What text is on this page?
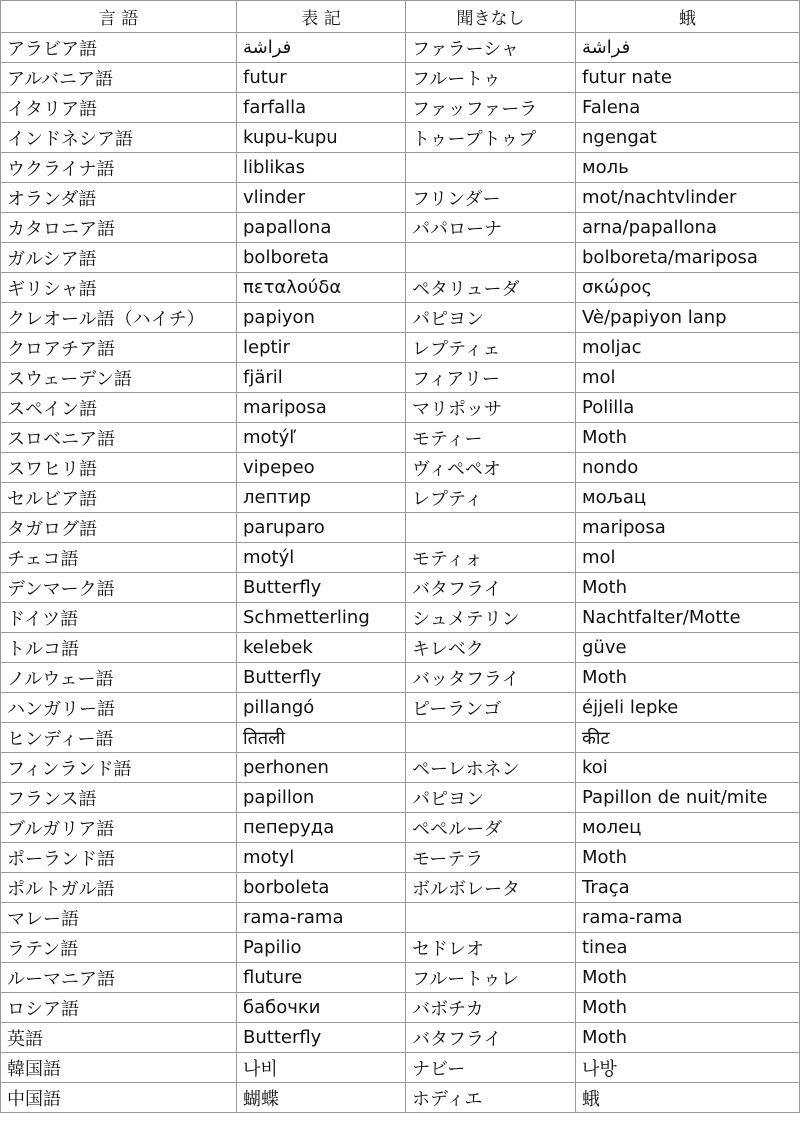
言 語	表 記	聞きなし	蛾
アラビア語	فراشة	ファラーシャ	فراشة
アルバニア語	futur	フルートゥ	futur nate
イタリア語	farfalla	ファッファーラ	Falena
インドネシア語	kupu-kupu	トゥープトゥプ	ngengat
ウクライナ語	liblikas		моль
オランダ語	vlinder	フリンダー	mot/nachtvlinder
カタロニア語	papallona	パパローナ	arna/papallona
ガルシア語	bolboreta		bolboreta/mariposa
ギリシャ語	πεταλούδα	ペタリューダ	σκώρος
クレオール語（ハイチ）	papiyon	パピヨン	Vè/papiyon lanp
クロアチア語	leptir	レプティェ	moljac
スウェーデン語	fjäril	フィアリー	mol
スペイン語	mariposa	マリポッサ	Polilla
スロベニア語	motýľ	モティー	Moth
スワヒリ語	vipepeo	ヴィペペオ	nondo
セルビア語	лептир	レプティ	мољац
タガログ語	paruparo		mariposa
チェコ語	motýl	モティォ	mol
デンマーク語	Butterfly	バタフライ	Moth
ドイツ語	Schmetterling	シュメテリン	Nachtfalter/Motte
トルコ語	kelebek	キレベク	güve
ノルウェー語	Butterfly	バッタフライ	Moth
ハンガリー語	pillangó	ピーランゴ	éjjeli lepke
ヒンディー語	तितली		कीट
フィンランド語	perhonen	ペーレホネン	koi
フランス語	papillon	パピヨン	Papillon de nuit/mite
ブルガリア語	пеперуда	ペペルーダ	молец
ポーランド語	motyl	モーテラ	Moth
ポルトガル語	borboleta	ボルボレータ	Traça
マレー語	rama-rama		rama-rama
ラテン語	Papilio	セドレオ	tinea
ルーマニア語	fluture	フルートゥレ	Moth
ロシア語	бабочки	バボチカ	Moth
英語	Butterfly	バタフライ	Moth
韓国語	나비	ナビー	나방
中国語	蝴蝶	ホディエ	蛾
